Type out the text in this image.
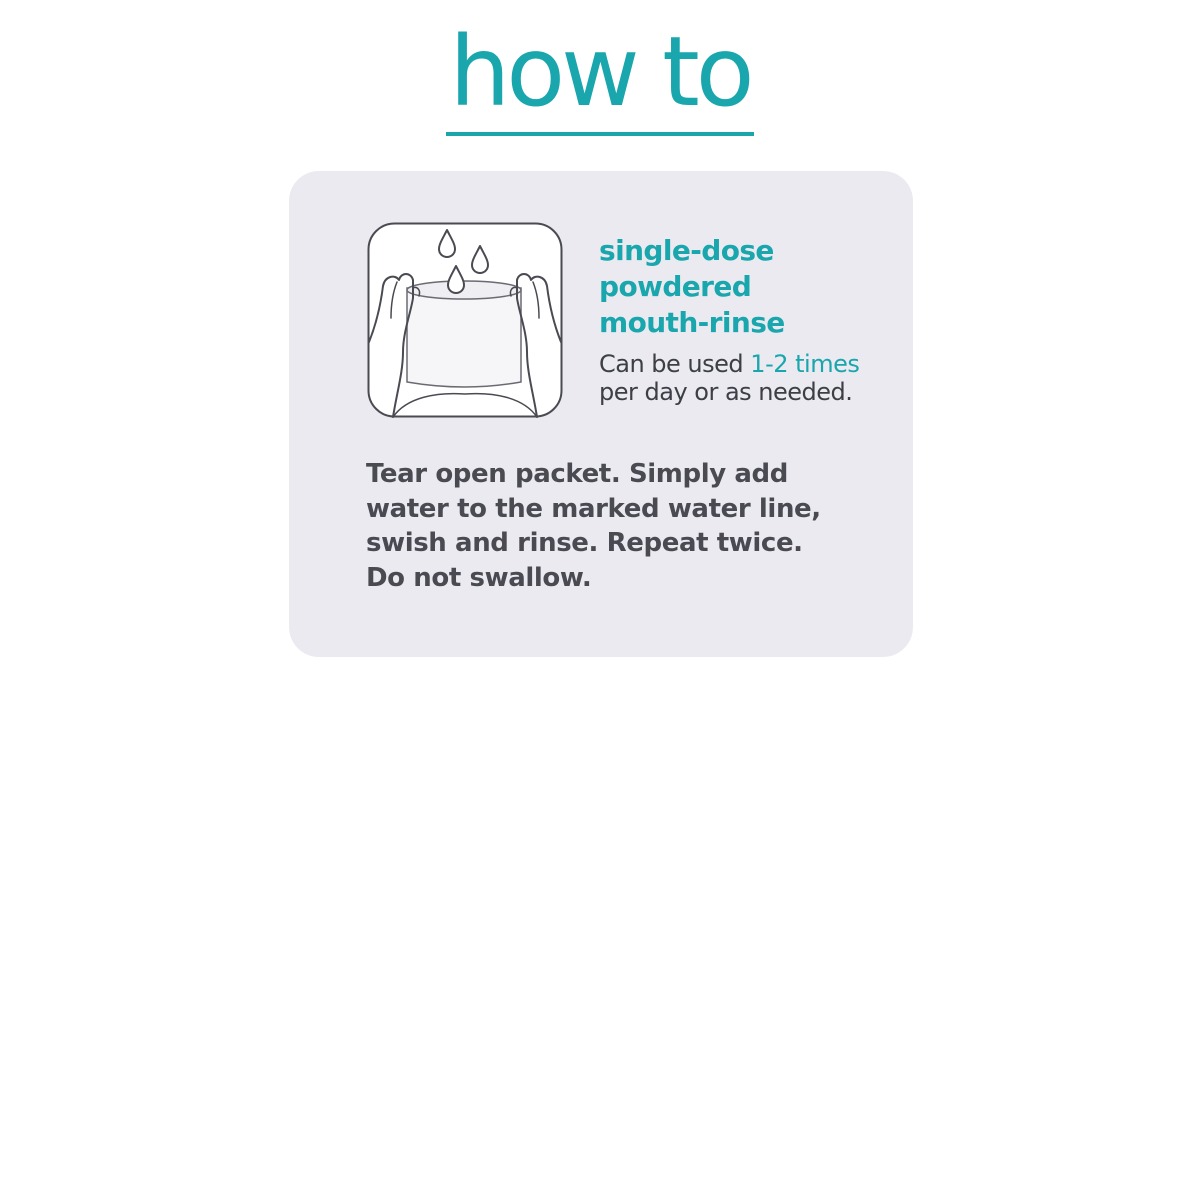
how to
single-dose
powdered
mouth-rinse

Can be used 1-2 times
per day or as needed.

Tear open packet. Simply add
water to the marked water line,
swish and rinse. Repeat twice.
Do not swallow.
